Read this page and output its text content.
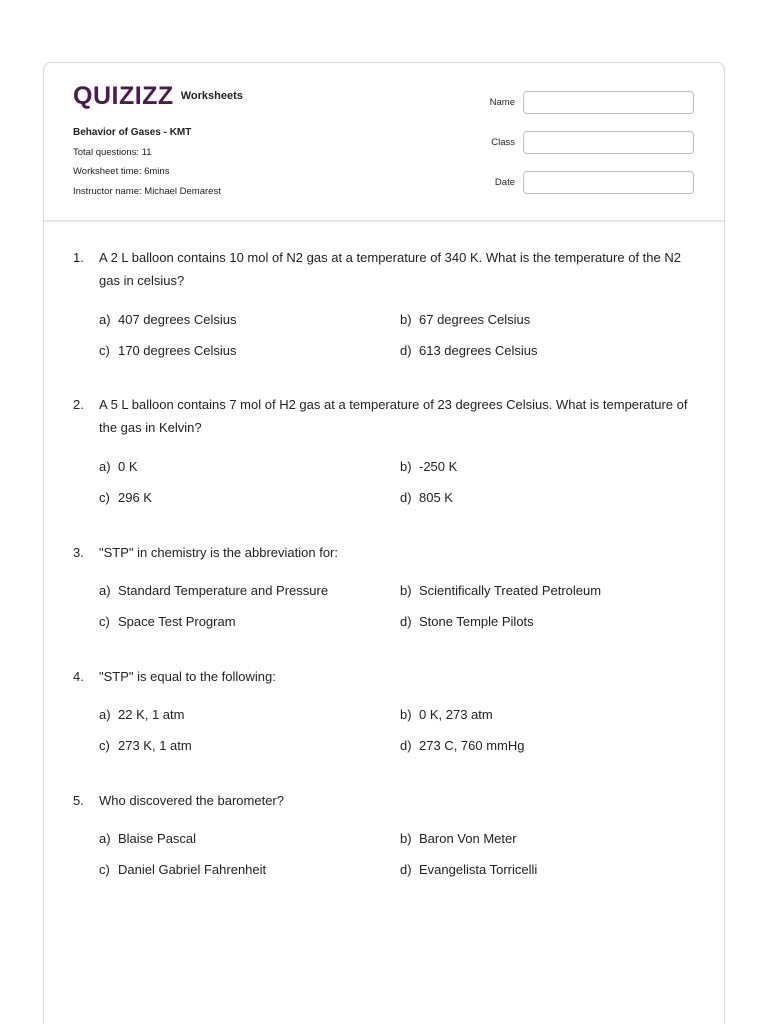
QUIZIZZ Worksheets
Behavior of Gases - KMT
Total questions: 11
Worksheet time: 6mins
Instructor name: Michael Demarest
Name
Class
Date
1. A 2 L balloon contains 10 mol of N2 gas at a temperature of 340 K. What is the temperature of the N2 gas in celsius?
a) 407 degrees Celsius	b) 67 degrees Celsius
c) 170 degrees Celsius	d) 613 degrees Celsius
2. A 5 L balloon contains 7 mol of H2 gas at a temperature of 23 degrees Celsius. What is temperature of the gas in Kelvin?
a) 0 K	b) -250 K
c) 296 K	d) 805 K
3. "STP" in chemistry is the abbreviation for:
a) Standard Temperature and Pressure	b) Scientifically Treated Petroleum
c) Space Test Program	d) Stone Temple Pilots
4. "STP" is equal to the following:
a) 22 K, 1 atm	b) 0 K, 273 atm
c) 273 K, 1 atm	d) 273 C, 760 mmHg
5. Who discovered the barometer?
a) Blaise Pascal	b) Baron Von Meter
c) Daniel Gabriel Fahrenheit	d) Evangelista Torricelli
